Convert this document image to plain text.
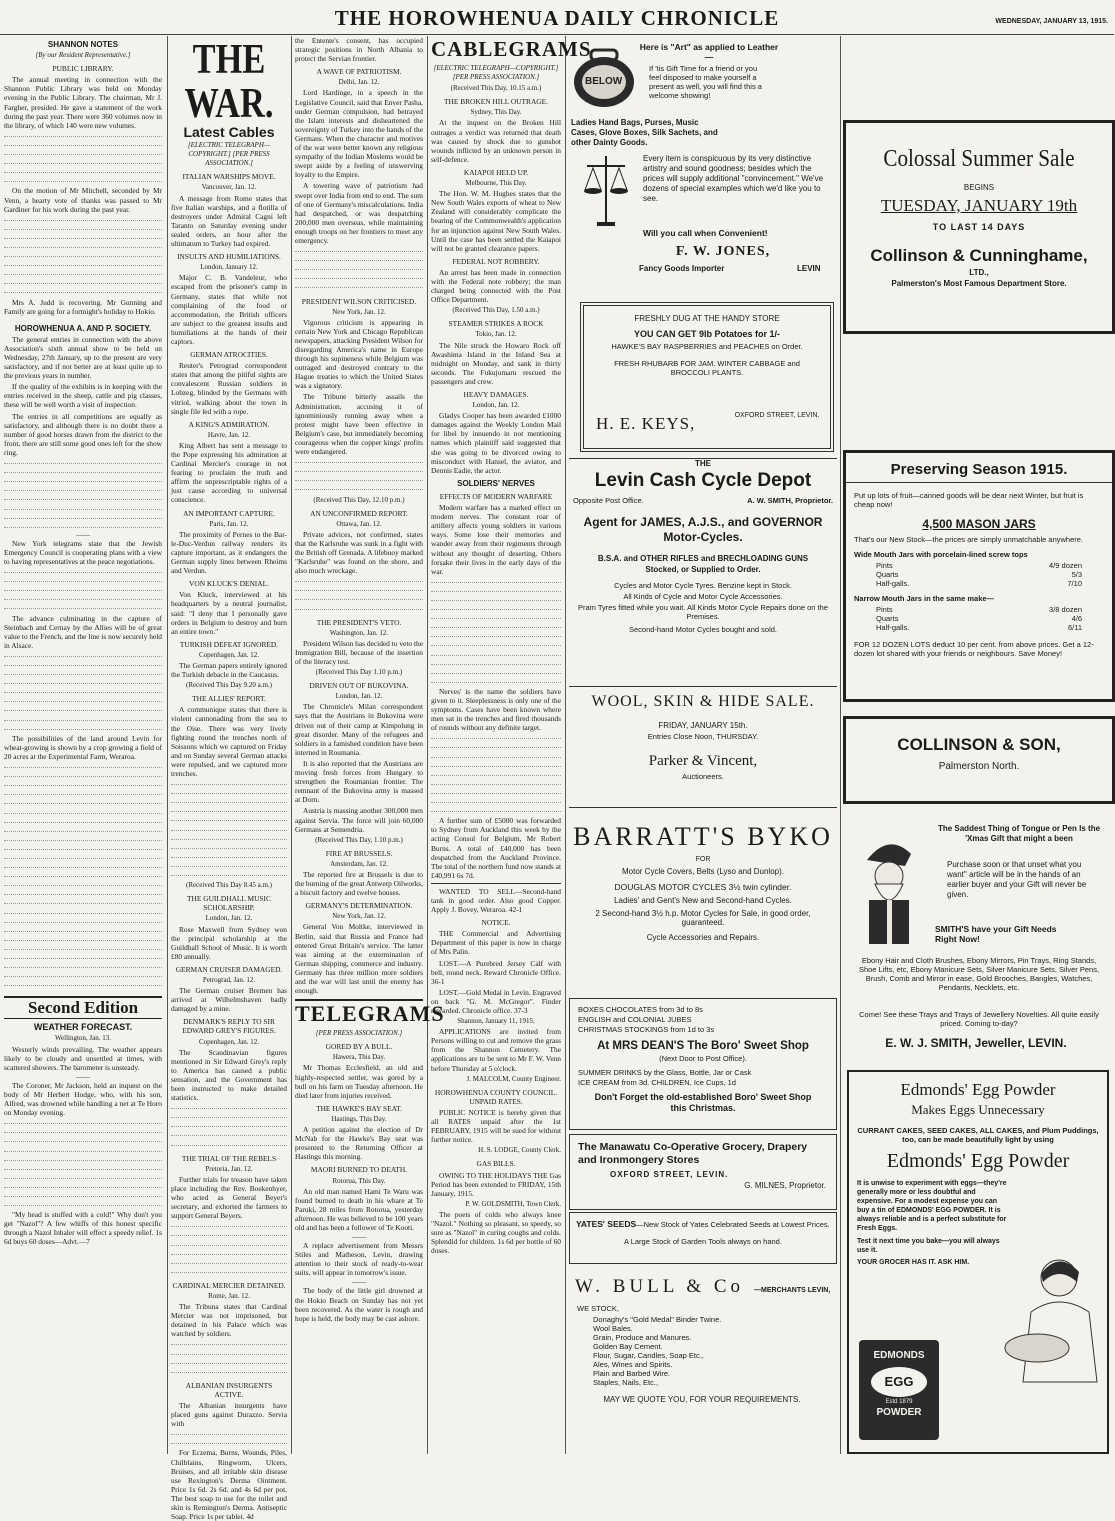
THE HOROWHENUA DAILY CHRONICLE	WEDNESDAY, JANUARY 13, 1915.
SHANNON NOTES
[By our Resident Representative.]
PUBLIC LIBRARY.

The annual meeting in connection with the Shannon Public Library was held on Monday evening in the Public Library. The chairman, Mr J. Fargher, presided. He gave a statement of the work during the past year. There were 360 volumes now in the library, of which 140 were new volumes.

On the motion of Mr Mitchell, seconded by Mr Venn, a hearty vote of thanks was passed to Mr Gardiner for his work during the past year.

Mrs A. Judd is recovering. Mr Gunning and Family are going for a fortnight's holiday to Hokio.

HOROWHENUA A. AND P. SOCIETY.

The general entries in connection with the above Association's sixth annual show to be held on Wednesday, 27th January, up to the present are very satisfactory, and if not better are at least quite up to the previous years in number.

If the quality of the exhibits is in keeping with the entries received in the sheep, cattle and pig classes, these will be well worth a visit of inspection.

The entries in all competitions are equally as satisfactory, and although there is no doubt there a number of good horses drawn from the district to the front, there are still some good ones left for the show ring.

——

New York telegrams state that the Jewish Emergency Council is cooperating plans with a view to having representatives at the peace negotiations.

The advance culminating in the capture of Steinbach and Cernay by the Allies will be of great value to the French, and the line is now securely held in Alsace.

The possibilities of the land around Levin for wheat-growing is shown by a crop growing a field of 20 acres at the Experimental Farm, Weraroa.

Second Edition
WEATHER FORECAST.
Wellington, Jan. 13.

Westerly winds prevailing. The weather appears likely to be cloudy and unsettled at times, with scattered showers. The barometer is unsteady.

——

The Coroner, Mr Jackson, held an inquest on the body of Mr Herbert Hodge, who, with his son, Alfred, was drowned while handling a net at Te Horo on Monday evening.

"My head is stuffed with a cold!" Why don't you get "Nazol"? A few whiffs of this honest specific through a Nazol Inhaler will effect a speedy relief. 1s 6d buys 60 doses—Advt.—7

THE WAR.
Latest Cables
[ELECTRIC TELEGRAPH—COPYRIGHT.] [PER PRESS ASSOCIATION.]
ITALIAN WARSHIPS MOVE.
Vancouver, Jan. 12.

A message from Rome states that five Italian warships, and a flotilla of destroyers under Admiral Cagni left Taranto on Saturday evening under sealed orders, an hour after the ultimatum to Turkey had expired.

INSULTS AND HUMILIATIONS.
London, January 12.

Major C. B. Vandeleur, who escaped from the prisoner's camp in Germany, states that while not complaining of the food or accommodation, the British officers are subject to the greatest insults and humiliations at the hands of their captors.

GERMAN ATROCITIES.

Reuter's Petrograd correspondent states that among the pitiful sights are convalescent Russian soldiers in Lobzeg, blinded by the Germans with vitriol, walking about the town in single file led with a rope.

A KING'S ADMIRATION.
Havre, Jan. 12.

King Albert has sent a message to the Pope expressing his admiration at Cardinal Mercier's courage in not fearing to proclaim the truth and affirm the unprescriptable rights of a just cause according to universal conscience.

AN IMPORTANT CAPTURE.
Paris, Jan. 12.

The proximity of Pernes to the Bar-le-Duc-Verdun railway renders its capture important, as it endangers the German supply lines between Rheims and Verdun.

VON KLUCK'S DENIAL.

Von Kluck, interviewed at his headquarters by a neutral journalist, said: "I deny that I personally gave orders in Belgium to destroy and burn an entire town."

TURKISH DEFEAT IGNORED.
Copenhagen, Jan. 12.

The German papers entirely ignored the Turkish debacle in the Caucasus.

(Received This Day 9.20 a.m.)
THE ALLIES' REPORT.

A communique states that there is violent cannonading from the sea to the Oise. There was very lively fighting round the trenches north of Soissons which we captured on Friday and on Sunday several German attacks were repulsed, and we captured more trenches.

(Received This Day 8.45 a.m.)
THE GUILDHALL MUSIC SCHOLARSHIP.
London, Jan. 12.

Rose Maxwell from Sydney won the principal scholarship at the Guildhall School of Music. It is worth £80 annually.

GERMAN CRUISER DAMAGED.
Petrograd, Jan. 12.

The German cruiser Bremen has arrived at Wilhelmshaven badly damaged by a mine.

DENMARK'S REPLY TO SIR EDWARD GREY'S FIGURES.
Copenhagen, Jan. 12.

The Scandinavian figures mentioned in Sir Edward Grey's reply to America has caused a public sensation, and the Government has been instructed to make detailed statistics.

THE TRIAL OF THE REBELS
Pretoria, Jan. 12.

Further trials for treason have taken place including the Rev. Boekenhyer, who acted as General Beyer's secretary, and exhorted the farmers to support General Beyers.

CARDINAL MERCIER DETAINED.
Rome, Jan. 12.

The Tribuna states that Cardinal Mercier was not imprisoned, but detained in his Palace which was watched by soldiers.

ALBANIAN INSURGENTS ACTIVE.

The Albanian insurgents have placed guns against Durazzo. Servia with

For Eczema, Burns, Wounds, Piles, Chilblains, Ringworm, Ulcers, Bruises, and all irritable skin disease use Rexington's Derma Ointment. Price 1s 6d. 2s 6d. and 4s 6d per pot. The best soap to use for the toilet and skin is Remington's Derma. Antiseptic Soap. Price 1s per tablet. 4d

the Entente's consent, has occupied strategic positions in North Albania to protect the Servian frontier.

A WAVE OF PATRIOTISM.
Delhi, Jan. 12.

Lord Hardinge, in a speech in the Legislative Council, said that Enver Pasha, under German compulsion, had betrayed the Islam interests and disheartened the sovereignty of Turkey into the hands of the Germans. When the character and motives of the war were better known any religious sympathy of the Indian Moslems would be swept aside by a feeling of unswerving loyalty to the Empire.

A towering wave of patriotism had swept over India from end to end. The sum of one of Germany's miscalculations. India had despatched, or was despatching 200,000 men overseas, while maintaining enough troops on her frontiers to meet any emergency.

PRESIDENT WILSON CRITICISED.
New York, Jan. 12.

Vigorous criticism is appearing in certain New York and Chicago Republican newspapers, attacking President Wilson for disregarding America's name in Europe through his supineness while Belgium was outraged and destroyed contrary to the Hague treaties to which the United States was a signatory.

The Tribune bitterly assails the Administration, accusing it of ignominiously running away when a protest might have been effective in Belgium's case, but immediately becoming courageous when the copper kings' profits were endangered.

(Received This Day, 12.10 p.m.)
AN UNCONFIRMED REPORT.
Ottawa, Jan. 12.

Private advices, not confirmed, states that the Karlsruhe was sunk in a fight with the British off Grenada. A lifebuoy marked "Karlsruhe" was found on the shore, and also much wreckage.

THE PRESIDENT'S VETO.
Washington, Jan. 12.

President Wilson has decided to veto the Immigration Bill, because of the insertion of the literacy test.

(Received This Day 1.10 p.m.)
DRIVEN OUT OF BUKOVINA.
London, Jan. 12.

The Chronicle's Milan correspondent says that the Austrians in Bukovina were driven out of their camp at Kimpolung in great disorder. Many of the refugees and soldiers in a famished condition have been interned in Roumania.

It is also reported that the Austrians are moving fresh forces from Hungary to strengthen the Roumanian frontier. The remnant of the Bukovina army is massed at Dorn.

Austria is massing another 300,000 men against Servia. The force will join 60,000 Germans at Semendria.

(Received This Day, 1.10 p.m.)
FIRE AT BRUSSELS.
Amsterdam, Jan. 12.

The reported fire at Brussels is due to the burning of the great Antwerp Oilworks, a biscuit factory and twelve houses.

GERMANY'S DETERMINATION.
New York, Jan. 12.

General Von Moltke, interviewed in Berlin, said that Russia and France had entered Great Britain's service. The latter was aiming at the extermination of German shipping, commerce and industry. Germany has three million more soldiers and the war will last until the enemy has enough.

TELEGRAMS
[PER PRESS ASSOCIATION.]
GORED BY A BULL.
Hawera, This Day.

Mr Thomas Ecclesfield, an old and highly-respected settler, was gored by a bull on his farm on Tuesday afternoon. He died later from injuries received.

THE HAWKE'S BAY SEAT.
Hastings, This Day.

A petition against the election of Dr McNab for the Hawke's Bay seat was presented to the Returning Officer at Hastings this morning.

MAORI BURNED TO DEATH.
Rotorua, This Day.

An old man named Hami Te Waru was found burned to death in his whare at Te Paruki, 28 miles from Rotorua, yesterday afternoon. He was believed to be 100 years old and has been a follower of Te Kooti.

——

A replace advertisement from Messrs Stiles and Matheson, Levin, drawing attention to their stock of ready-to-wear suits, will appear in tomorrow's issue.

——

The body of the little girl drowned at the Hokio Beach on Sunday has not yet been recovered. As the water is rough and hope is held, the body may be cast ashore.

CABLEGRAMS
[ELECTRIC TELEGRAPH—COPYRIGHT.] [PER PRESS ASSOCIATION.]
(Received This Day, 10.15 a.m.)
THE BROKEN HILL OUTRAGE.
Sydney, This Day.

At the inquest on the Broken Hill outrages a verdict was returned that death was caused by shock due to gunshot wounds inflicted by an unknown person in self-defence.

KAIAPOI HELD UP.
Melbourne, This Day.

The Hon. W. M. Hughes states that the New South Wales exports of wheat to New Zealand will considerably complicate the bearing of the Commonwealth's application for an injunction against New South Wales. Until the case has been settled the Kaiapoi will not be granted clearance papers.

FEDERAL NOT ROBBERY.

An arrest has been made in connection with the Federal note robbery; the man charged being connected with the Post Office Department.

(Received This Day, 1.50 a.m.)
STEAMER STRIKES A ROCK
Tokio, Jan. 12.

The Nile struck the Howaro Rock off Awashima Island in the Inland Sea at midnight on Monday, and sank in thirty seconds. The Fukujumaru rescued the passengers and crew.

HEAVY DAMAGES.
London, Jan. 12.

Gladys Cooper has been awarded £1000 damages against the Weekly London Mail for libel by innuendo in not mentioning names which plaintiff said suggested that she was going to be divorced owing to misconduct with Hansel, the aviator, and Dennis Eadie, the actor.

SOLDIERS' NERVES
EFFECTS OF MODERN WARFARE

Modern warfare has a marked effect on modern nerves. The constant roar of artillery affects young soldiers in various ways. Some lose their memories and wander away from their regiments through without any thought of deserting. Others forsake their lives in the early days of the war.

Nerves' is the name the soldiers have given to it. Sleeplessness is only one of the symptoms. Cases have been known where men sat in the trenches and fired thousands of rounds without any definite target.

A further sum of £5000 was forwarded to Sydney from Auckland this week by the acting Consul for Belgium, Mr Robert Burns. A total of £40,000 has been despatched from the Auckland Province. The total of the northern fund now stands at £40,991 6s 7d.

WANTED TO SELL—Second-hand tank in good order. Also good Copper. Apply J. Bovey, Weraroa. 42-1

NOTICE.

THE Commercial and Advertising Department of this paper is now in charge of Mrs Palin.

LOST.—A Purebred Jersey Calf with bell, round neck. Reward Chronicle Office. 36-1

LOST.—Gold Medal in Levin. Engraved on back "G. M. McGregor". Finder rewarded. Chronicle office. 37-3

Shannon, January 11, 1915.

APPLICATIONS are invited from Persons willing to cut and remove the grass from the Shannon Cemetery. The applications are to be sent to Mr F. W. Venn before Thursday at 5 o'clock.

J. MALCOLM, County Engineer.
HOROWHENUA COUNTY COUNCIL. UNPAID RATES.

PUBLIC NOTICE is hereby given that all RATES unpaid after the 1st FEBRUARY, 1915 will be sued for without further notice.

H. S. LODGE, County Clerk.
GAS BILLS.

OWING TO THE HOLIDAYS THE Gas Period has been extended to FRIDAY, 15th January, 1915.

P. W. GOLDSMITH, Town Clerk.

The poets of colds who always knee "Nazol." Nothing so pleasant, so speedy, so sure as "Nazol" in curing coughs and colds. Splendid for children. 1s 6d per bottle of 60 doses.

BELOW
Here is "Art" as applied to Leather—
If 'tis Gift Time for a friend or you feel disposed to make yourself a present as well, you will find this a welcome showing!
Ladies Hand Bags, Purses, Music Cases, Glove Boxes, Silk Sachets, and other Dainty Goods.
Every item is conspicuous by its very distinctive artistry and sound goodness; besides which the prices will supply additional "convincement." We've dozens of special examples which we'd like you to see.
Will you call when Convenient!
F. W. JONES,
Fancy Goods Importer	LEVIN
FRESHLY DUG AT THE HANDY STORE
YOU CAN GET 9lb Potatoes for 1/-
HAWKE'S BAY RASPBERRIES and PEACHES on Order.
FRESH RHUBARB FOR JAM. WINTER CABBAGE and BROCCOLI PLANTS.
H. E. KEYS,	OXFORD STREET, LEVIN.
THE
Levin Cash Cycle Depot
Opposite Post Office.	A. W. SMITH, Proprietor.
Agent for JAMES, A.J.S., and GOVERNOR Motor-Cycles.
B.S.A. and OTHER RIFLES and BRECHLOADING GUNS Stocked, or Supplied to Order.
Cycles and Motor Cycle Tyres. Benzine kept in Stock.
All Kinds of Cycle and Motor Cycle Accessories.
Pram Tyres fitted while you wait. All Kinds Motor Cycle Repairs done on the Premises.
Second-hand Motor Cycles bought and sold.
WOOL, SKIN & HIDE SALE.
FRIDAY, JANUARY 15th.
Entries Close Noon, THURSDAY.
Parker & Vincent,
Auctioneers.
BARRATT'S BYKO
FOR
Motor Cycle Covers, Belts (Lyso and Dunlop).
DOUGLAS MOTOR CYCLES 3½ twin cylinder.
Ladies' and Gent's New and Second-hand Cycles.
2 Second-hand 3½ h.p. Motor Cycles for Sale, in good order, guaranteed.
Cycle Accessories and Repairs.
BOXES CHOCOLATES from 3d to 8s
ENGLISH and COLONIAL JUBES
CHRISTMAS STOCKINGS from 1d to 3s
At MRS DEAN'S The Boro' Sweet Shop
(Next Door to Post Office).
SUMMER DRINKS by the Glass, Bottle, Jar or Cask
ICE CREAM from 3d. CHILDREN, Ice Cups, 1d
Don't Forget the old-established Boro' Sweet Shop this Christmas.
The Manawatu Co-Operative Grocery, Drapery and Ironmongery Stores
OXFORD STREET, LEVIN.
G. MILNES, Proprietor.
YATES' SEEDS—New Stock of Yates Celebrated Seeds at Lowest Prices.
A Large Stock of Garden Tools always on hand.
W. BULL & Co —MERCHANTS LEVIN,
WE STOCK,
Donaghy's "Gold Medal" Binder Twine.
Wool Bales.
Grain, Produce and Manures.
Golden Bay Cement.
Flour, Sugar, Candles, Soap Etc.,
Ales, Wines and Spirits.
Plain and Barbed Wire.
Staples, Nails, Etc.,
MAY WE QUOTE YOU, FOR YOUR REQUIREMENTS.
Colossal Summer Sale
BEGINS
TUESDAY, JANUARY 19th
TO LAST 14 DAYS
Collinson & Cunninghame,
LTD.,
Palmerston's Most Famous Department Store.
Preserving Season 1915.
Put up lots of fruit—canned goods will be dear next Winter, but fruit is cheap now!
4,500 MASON JARS
That's our New Stock—the prices are simply unmatchable anywhere.
Wide Mouth Jars with porcelain-lined screw tops
Pints	4/9 dozen
Quarts	5/3
Half-galls.	7/10
Narrow Mouth Jars in the same make—
Pints	3/8 dozen
Quarts	4/6
Half-galls.	6/11
FOR 12 DOZEN LOTS deduct 10 per cent. from above prices. Get a 12-dozen lot shared with your friends or neighbours. Save Money!
COLLINSON & SON,
Palmerston North.
The Saddest Thing of Tongue or Pen Is the 'Xmas Gift that might a been
Purchase soon or that unset what you want" article will be in the hands of an earlier buyer and your Gift will never be given.
SMITH'S have your Gift Needs Right Now!
Ebony Hair and Cloth Brushes, Ebony Mirrors, Pin Trays, Ring Stands, Shoe Lifts, etc, Ebony Manicure Sets, Silver Manicure Sets, Silver Pens, Brush, Comb and Mirror in ease, Gold Brooches, Bangles, Watches, Pendants, Necklets, etc.
Come! See these Trays and Trays of Jewellery Novelties. All quite easily priced. Coming to-day?
E. W. J. SMITH, Jeweller, LEVIN.
Edmonds' Egg Powder
Makes Eggs Unnecessary
CURRANT CAKES, SEED CAKES, ALL CAKES, and Plum Puddings, too, can be made beautifully light by using
Edmonds' Egg Powder
It is unwise to experiment with eggs—they're generally more or less doubtful and expensive. For a modest expense you can buy a tin of EDMONDS' EGG POWDER. It is always reliable and is a perfect substitute for Fresh Eggs.
Test it next time you bake—you will always use it.
YOUR GROCER HAS IT. ASK HIM.
EDMONDS
EGG
Estd 1879
POWDER
